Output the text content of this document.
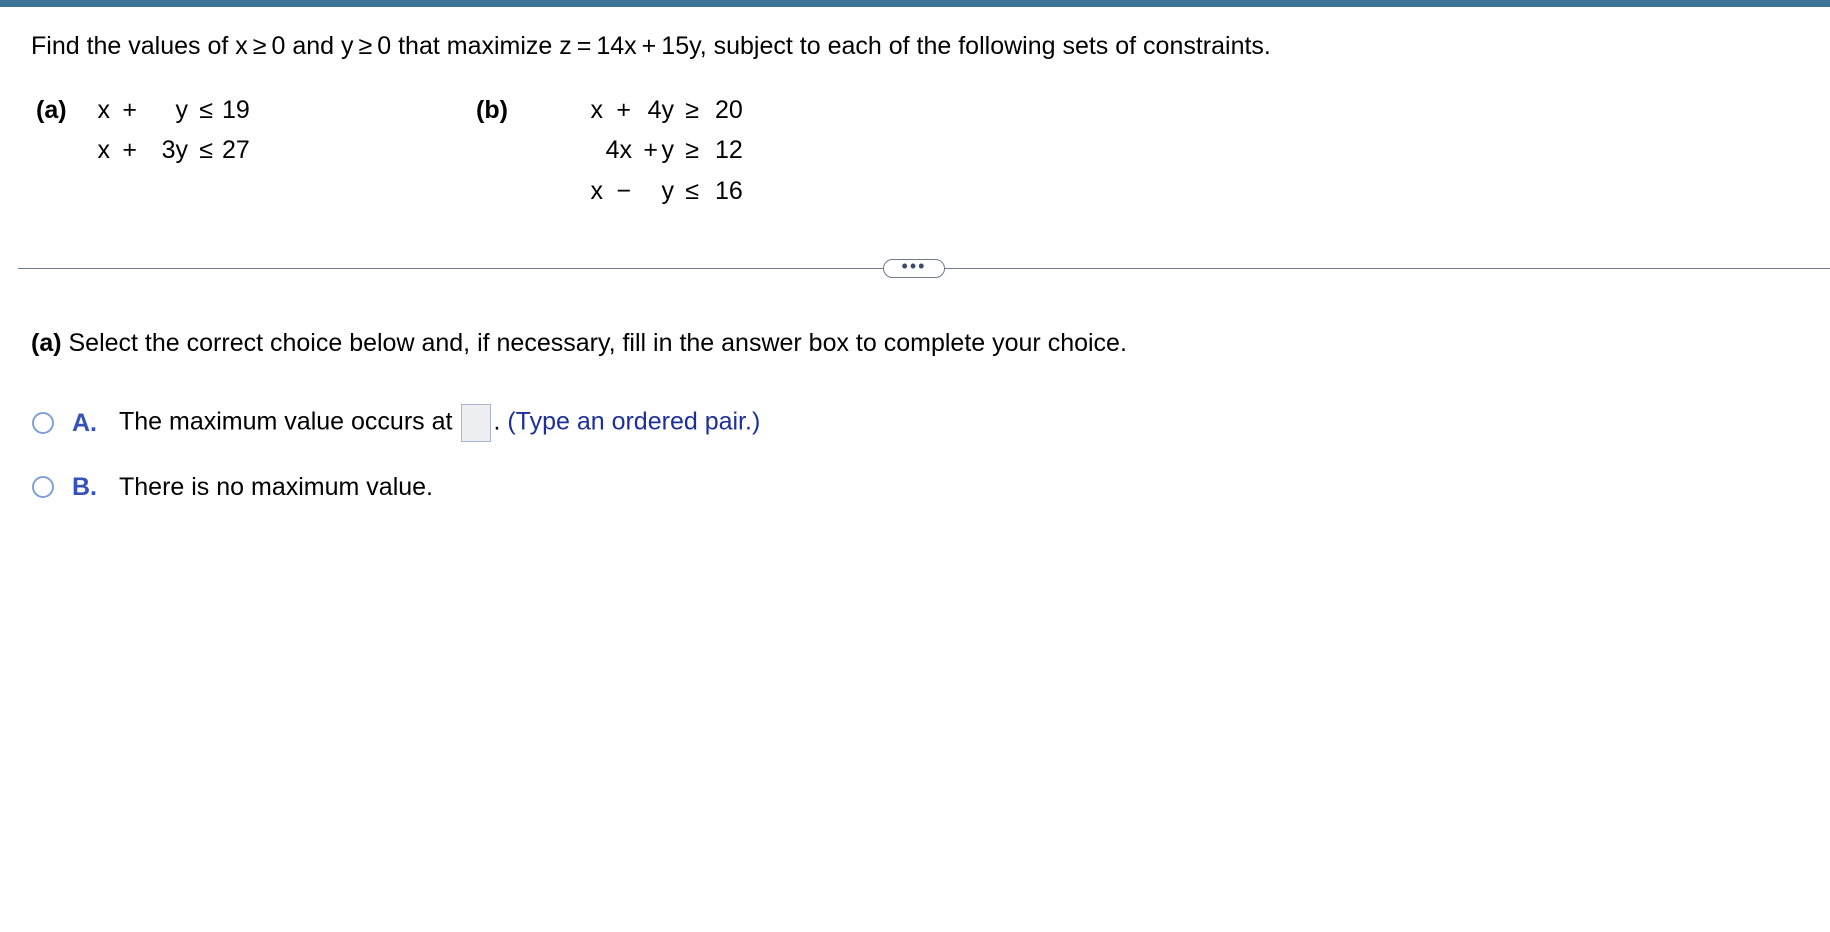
Find the values of x ≥ 0 and y ≥ 0 that maximize z = 14x + 15y, subject to each of the following sets of constraints.
(a) x + y ≤ 19
x + 3y ≤ 27
(b)	x + 4y ≥ 20
4x + y ≥ 12
x − y ≤ 16
•••
(a) Select the correct choice below and, if necessary, fill in the answer box to complete your choice.
A. The maximum value occurs at . (Type an ordered pair.)
B. There is no maximum value.
